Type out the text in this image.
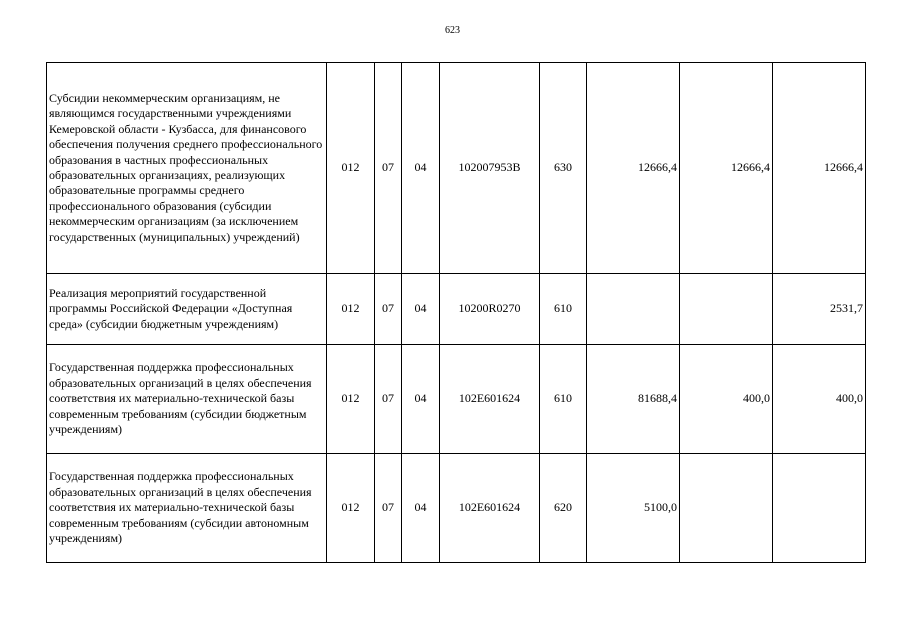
623
Субсидии некоммерческим организациям, не являющимся государственными учреждениями Кемеровской области - Кузбасса, для финансового обеспечения получения среднего профессионального образования в частных профессиональных образовательных организациях, реализующих образовательные программы среднего профессионального образования (субсидии некоммерческим организациям (за исключением государственных (муниципальных) учреждений)	012	07	04	102007953В	630	12666,4	12666,4	12666,4
Реализация мероприятий государственной программы Российской Федерации «Доступная среда» (субсидии бюджетным учреждениям)	012	07	04	10200R0270	610			2531,7
Государственная поддержка профессиональных образовательных организаций в целях обеспечения соответствия их материально-технической базы современным требованиям (субсидии бюджетным учреждениям)	012	07	04	102Е601624	610	81688,4	400,0	400,0
Государственная поддержка профессиональных образовательных организаций в целях обеспечения соответствия их материально-технической базы современным требованиям (субсидии автономным учреждениям)	012	07	04	102Е601624	620	5100,0		
